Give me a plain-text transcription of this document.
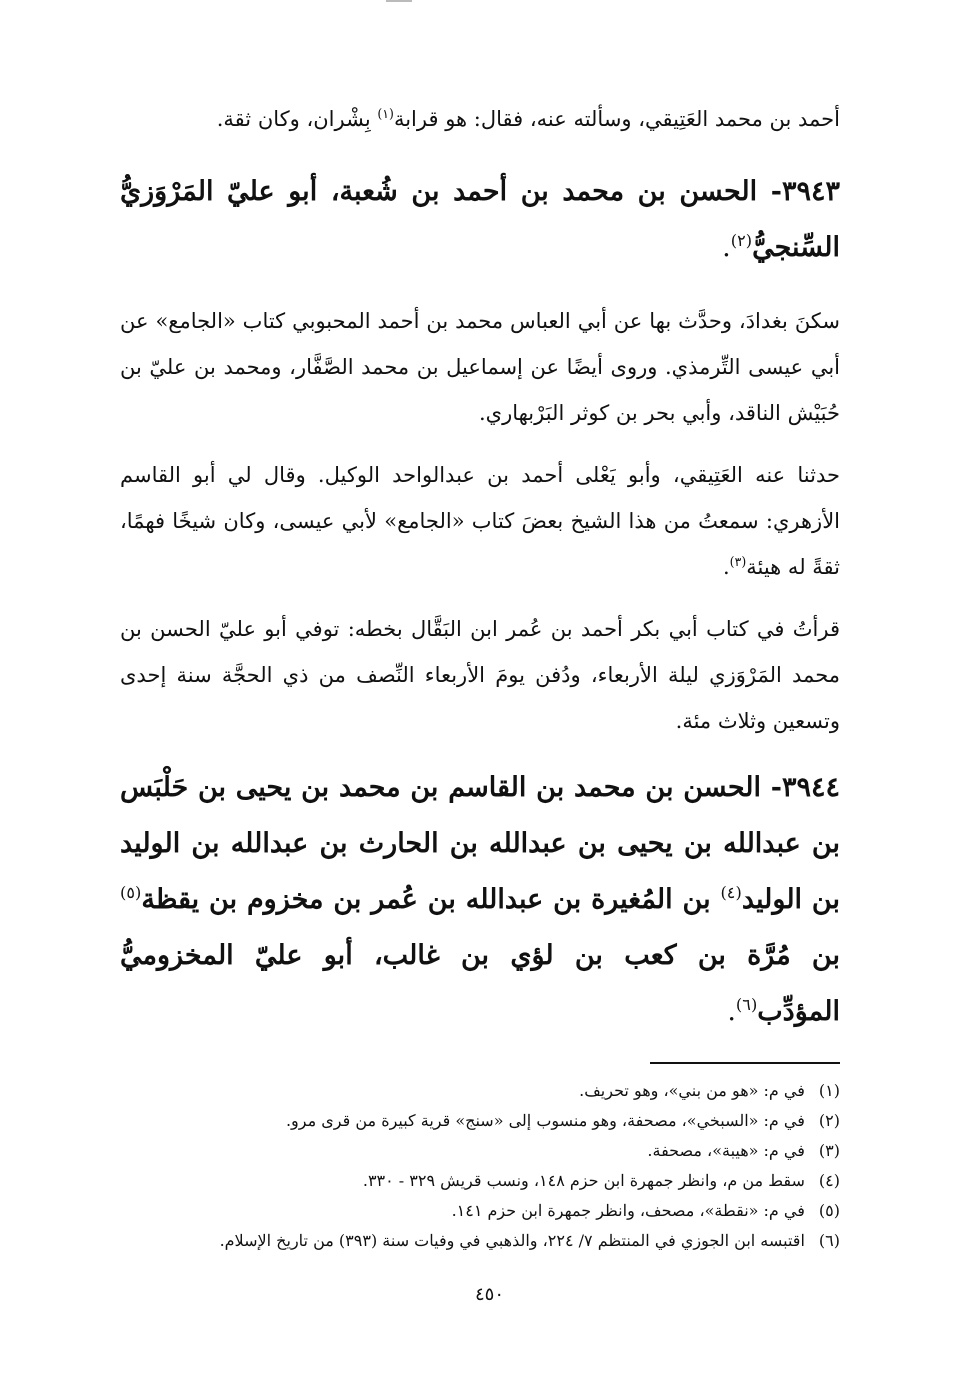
أحمد بن محمد العَتِيقي، وسألته عنه، فقال: هو قرابة$^{(١)}$ بِشْران، وكان ثقة.

٣٩٤٣- الحسن بن محمد بن أحمد بن شُعبة، أبو عليّ المَرْوَزيُّ السِّنجيُّ$^{(٢)}$.

سكنَ بغدادَ، وحدَّث بها عن أبي العباس محمد بن أحمد المحبوبي كتاب «الجامع» عن أبي عيسى التِّرمذي. وروى أيضًا عن إسماعيل بن محمد الصَّفَّار، ومحمد بن عليّ بن حُبَيْش الناقد، وأبي بحر بن كوثر البَرْبهاري.

حدثنا عنه العَتِيقي، وأبو يَعْلى أحمد بن عبدالواحد الوكيل. وقال لي أبو القاسم الأزهري: سمعتُ من هذا الشيخ بعضَ كتاب «الجامع» لأبي عيسى، وكان شيخًا فهمًا، ثقةً له هيئة$^{(٣)}$.

قرأتُ في كتاب أبي بكر أحمد بن عُمر ابن البَقَّال بخطه: توفي أبو عليّ الحسن بن محمد المَرْوَزي ليلة الأربعاء، ودُفن يومَ الأربعاء النِّصف من ذي الحجَّة سنة إحدى وتسعين وثلاث مئة.

٣٩٤٤- الحسن بن محمد بن القاسم بن محمد بن يحيى بن حَلْبَس بن عبدالله بن يحيى بن عبدالله بن الحارث بن عبدالله بن الوليد بن الوليد$^{(٤)}$ بن المُغيرة بن عبدالله بن عُمر بن مخزوم بن يقظة$^{(٥)}$ بن مُرَّة بن كعب بن لؤي بن غالب، أبو عليّ المخزوميُّ المؤدِّب$^{(٦)}$.

(١)
في م: «هو من بني»، وهو تحريف.
(٢)
في م: «السبخي»، مصحفة، وهو منسوب إلى «سنج» قرية كبيرة من قرى مرو.
(٣)
في م: «هيبة»، مصحفة.
(٤)
سقط من م، وانظر جمهرة ابن حزم ١٤٨، ونسب قريش ٣٢٩ - ٣٣٠.
(٥)
في م: «نقطة»، مصحف، وانظر جمهرة ابن حزم ١٤١.
(٦)
اقتبسه ابن الجوزي في المنتظم ٧/ ٢٢٤، والذهبي في وفيات سنة (٣٩٣) من تاريخ الإسلام.
٤٥٠
